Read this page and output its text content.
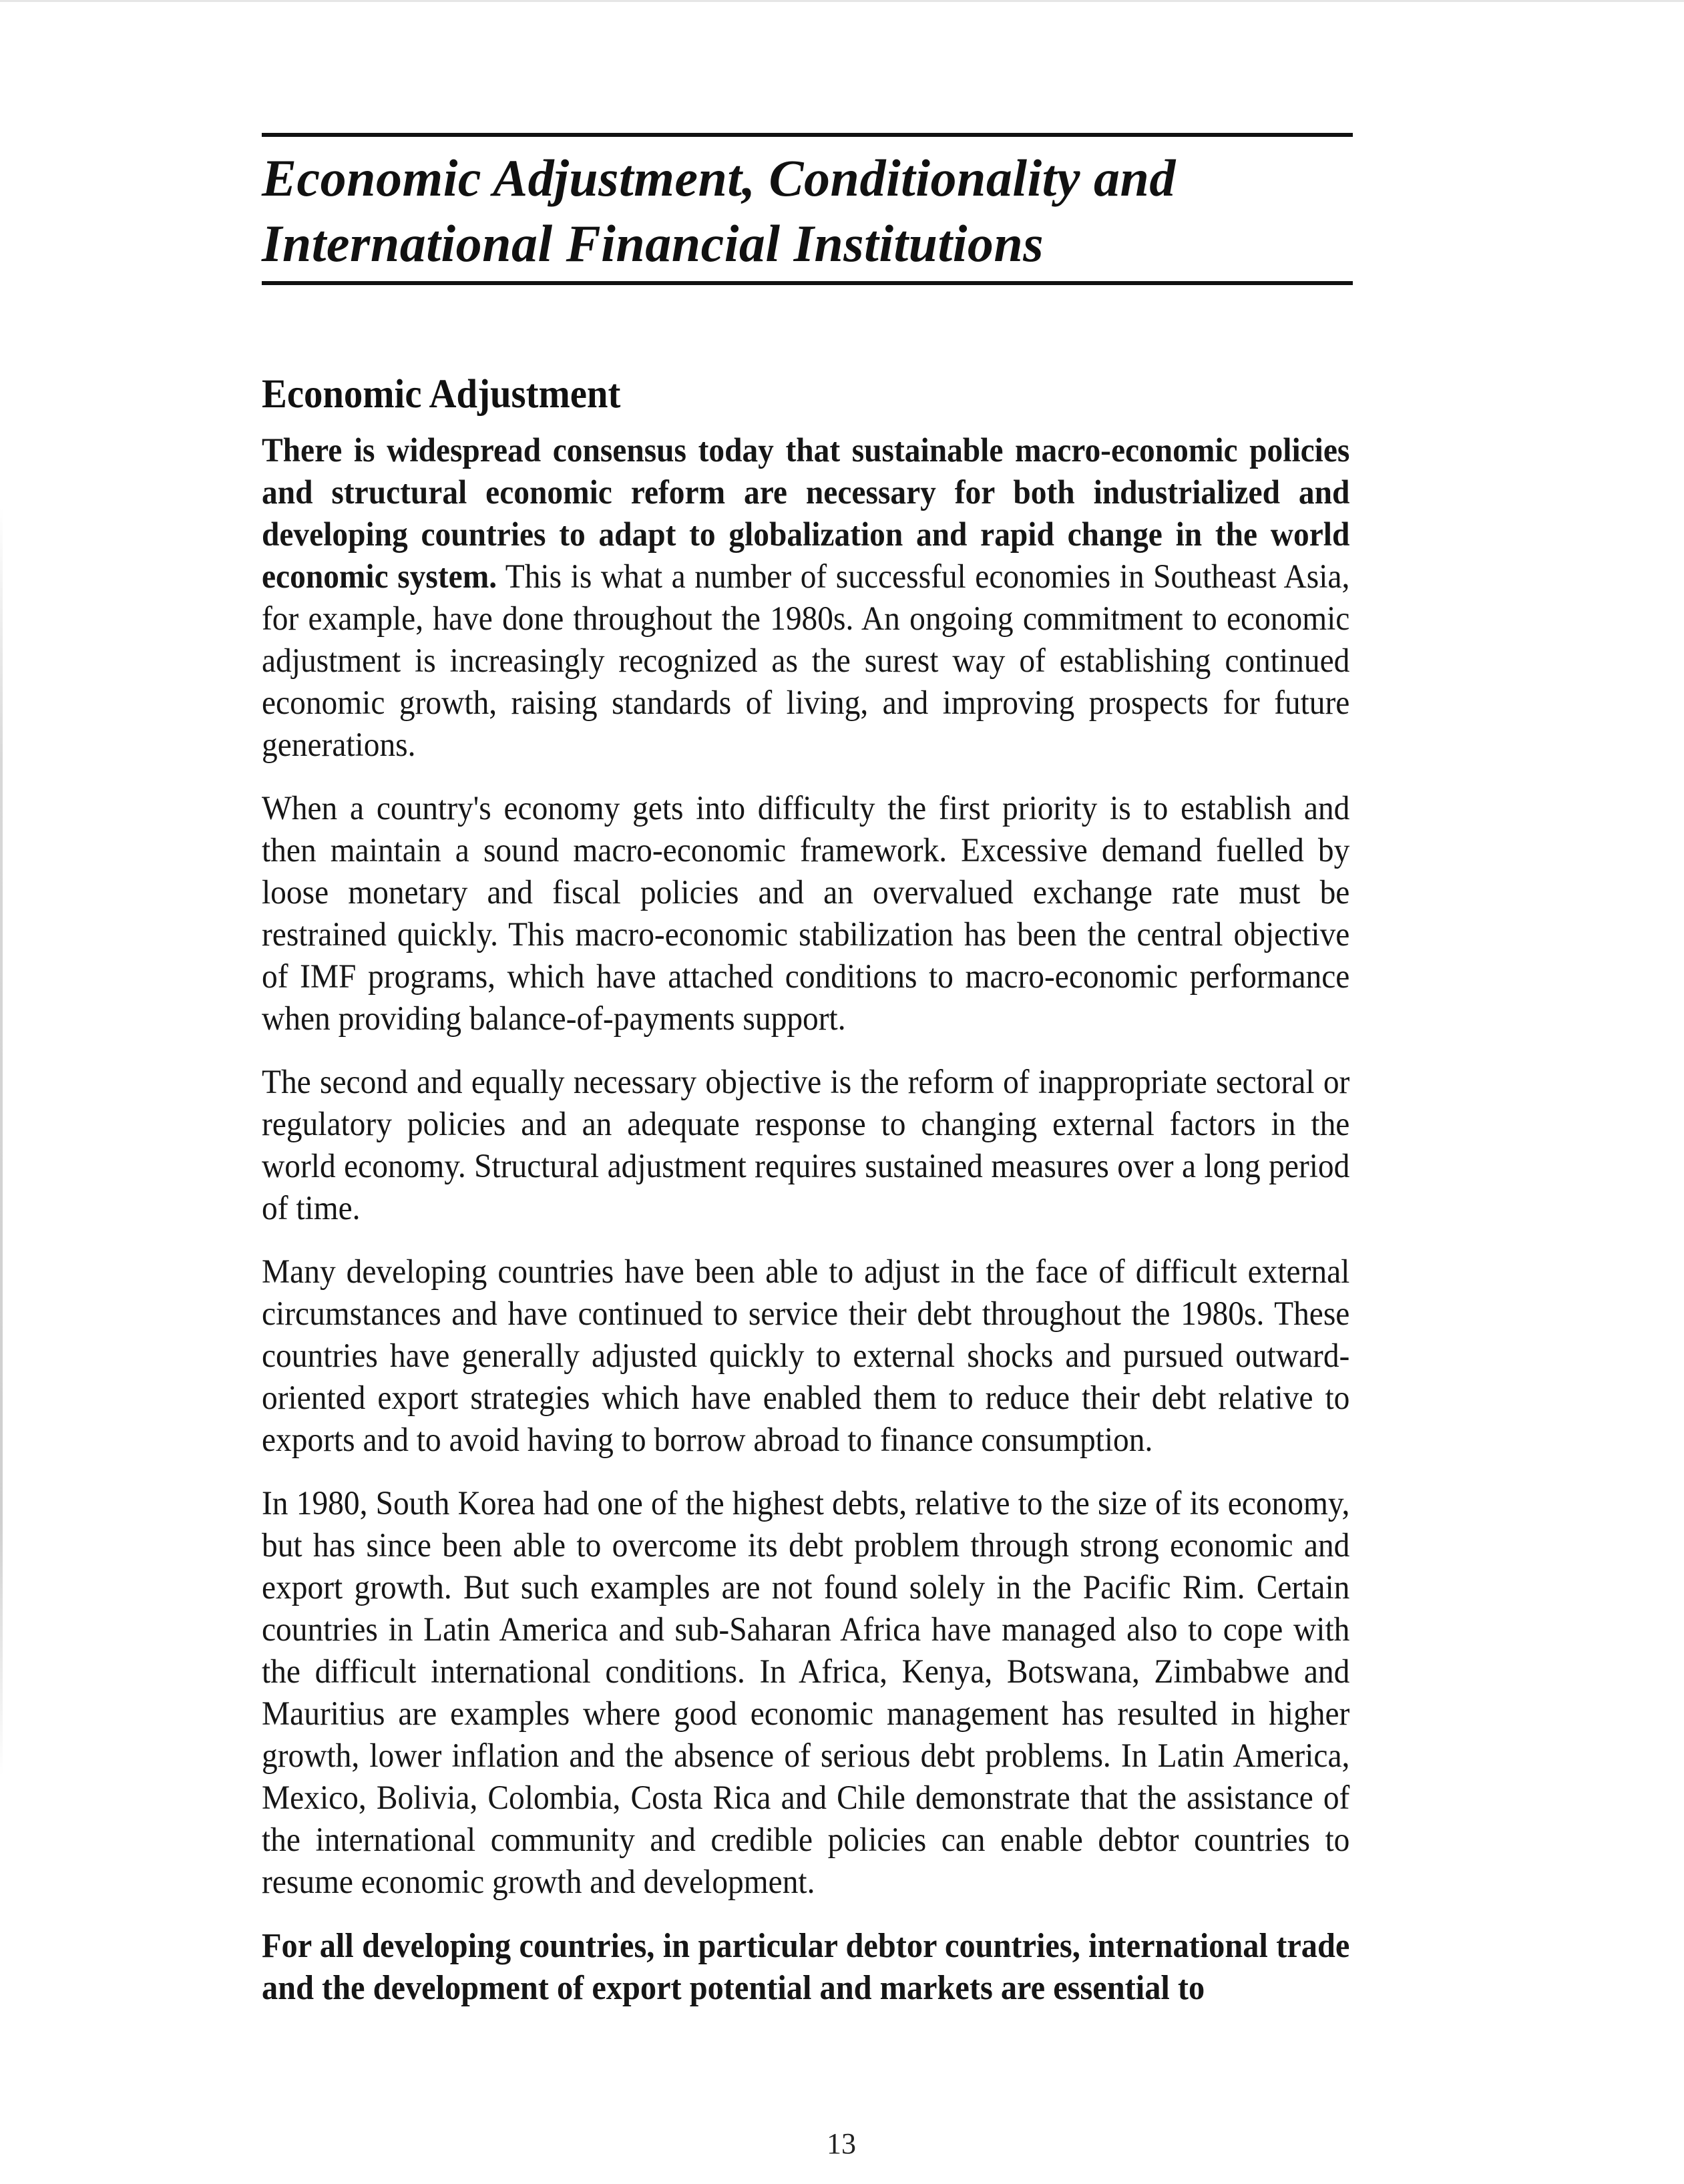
Economic Adjustment, Conditionality and International Financial Institutions
Economic Adjustment

There is widespread consensus today that sustainable macro-economic policies and structural economic reform are necessary for both industrialized and developing countries to adapt to globalization and rapid change in the world economic system. This is what a number of successful economies in Southeast Asia, for example, have done throughout the 1980s. An ongoing commitment to economic adjustment is increasingly recognized as the surest way of establishing continued economic growth, raising standards of living, and improving prospects for future generations.

When a country's economy gets into difficulty the first priority is to establish and then maintain a sound macro-economic framework. Excessive demand fuelled by loose monetary and fiscal policies and an overvalued exchange rate must be restrained quickly. This macro-economic stabilization has been the central objective of IMF programs, which have attached conditions to macro-economic performance when providing balance-of-payments support.

The second and equally necessary objective is the reform of inappropriate sectoral or regulatory policies and an adequate response to changing external factors in the world economy. Structural adjustment requires sustained measures over a long period of time.

Many developing countries have been able to adjust in the face of difficult external circumstances and have continued to service their debt throughout the 1980s. These countries have generally adjusted quickly to external shocks and pursued outward-oriented export strategies which have enabled them to reduce their debt relative to exports and to avoid having to borrow abroad to finance consumption.

In 1980, South Korea had one of the highest debts, relative to the size of its economy, but has since been able to overcome its debt problem through strong economic and export growth. But such examples are not found solely in the Pacific Rim. Certain countries in Latin America and sub-Saharan Africa have managed also to cope with the difficult international conditions. In Africa, Kenya, Botswana, Zimbabwe and Mauritius are examples where good economic management has resulted in higher growth, lower inflation and the absence of serious debt problems. In Latin America, Mexico, Bolivia, Colombia, Costa Rica and Chile demonstrate that the assistance of the international community and credible policies can enable debtor countries to resume economic growth and development.

For all developing countries, in particular debtor countries, international trade and the development of export potential and markets are essential to

13
